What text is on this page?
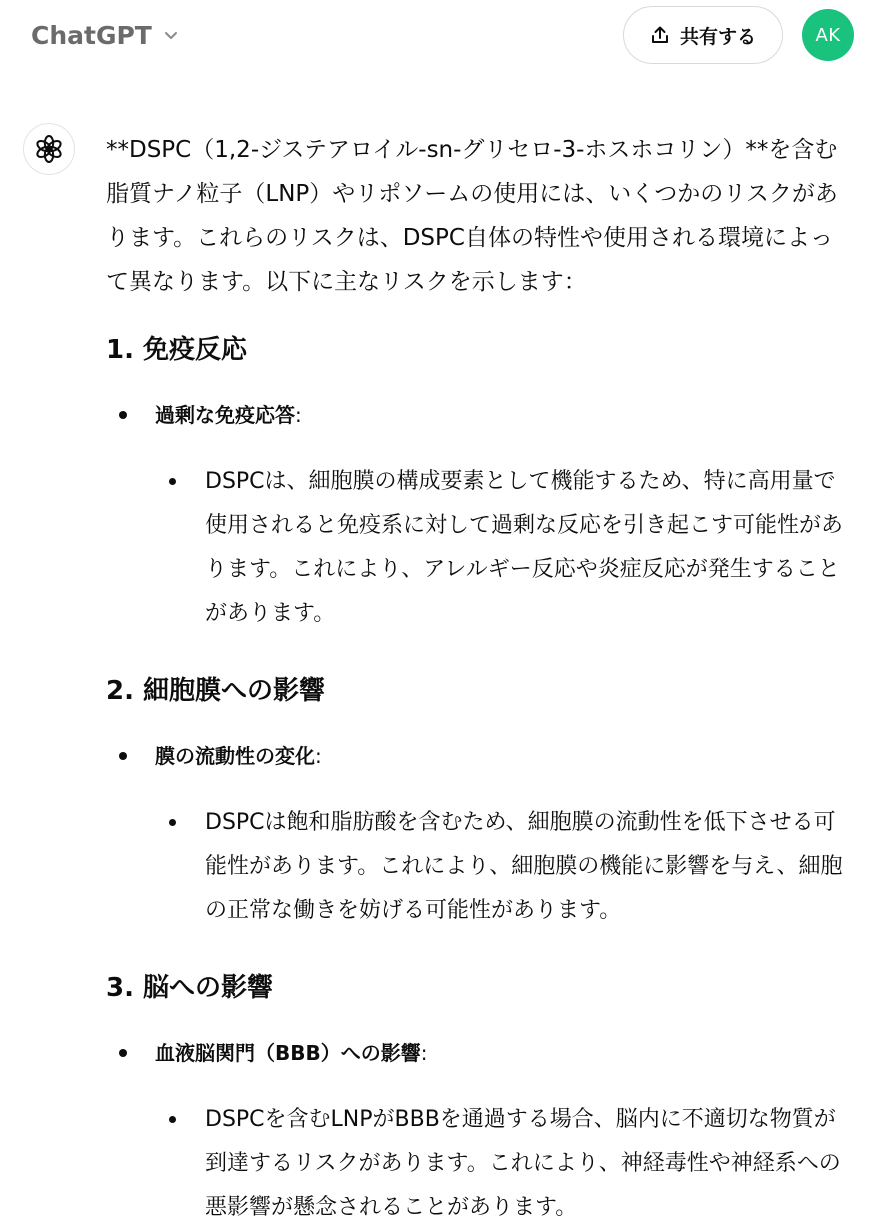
ChatGPT	共有する	AK

**DSPC（1,2-ジステアロイル-sn-グリセロ-3-ホスホコリン）**を含む脂質ナノ粒子（LNP）やリポソームの使用には、いくつかのリスクがあります。これらのリスクは、DSPC自体の特性や使用される環境によって異なります。以下に主なリスクを示します：

1. 免疫反応
過剰な免疫応答:

DSPCは、細胞膜の構成要素として機能するため、特に高用量で使用されると免疫系に対して過剰な反応を引き起こす可能性があります。これにより、アレルギー反応や炎症反応が発生することがあります。

2. 細胞膜への影響
膜の流動性の変化:

DSPCは飽和脂肪酸を含むため、細胞膜の流動性を低下させる可能性があります。これにより、細胞膜の機能に影響を与え、細胞の正常な働きを妨げる可能性があります。

3. 脳への影響
血液脳関門（BBB）への影響:

DSPCを含むLNPがBBBを通過する場合、脳内に不適切な物質が到達するリスクがあります。これにより、神経毒性や神経系への悪影響が懸念されることがあります。
